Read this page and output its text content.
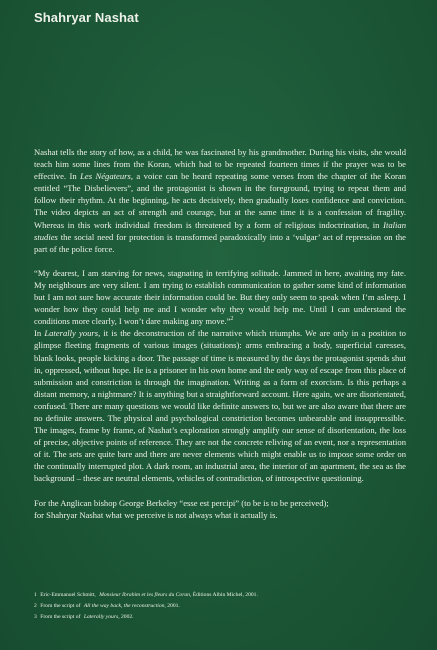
Shahryar Nashat

Nashat tells the story of how, as a child, he was fascinated by his grandmother. During his visits, she would teach him some lines from the Koran, which had to be repeated fourteen times if the prayer was to be effective. In Les Négateurs, a voice can be heard repeating some verses from the chapter of the Koran entitled “The Disbelievers”, and the protagonist is shown in the foreground, trying to repeat them and follow their rhythm. At the beginning, he acts decisively, then gradually loses confidence and conviction. The video depicts an act of strength and courage, but at the same time it is a confession of fragility. Whereas in this work individual freedom is threatened by a form of religious indoctrination, in Italian studies the social need for protection is transformed paradoxically into a ‘vulgar’ act of repression on the part of the police force.

“My dearest, I am starving for news, stagnating in terrifying solitude. Jammed in here, awaiting my fate. My neighbours are very silent. I am trying to establish communication to gather some kind of information but I am not sure how accurate their information could be. But they only seem to speak when I’m asleep. I wonder how they could help me and I wonder why they would help me. Until I can understand the conditions more clearly, I won’t dare making any move.”$^2$
In Laterally yours, it is the deconstruction of the narrative which triumphs. We are only in a position to glimpse fleeting fragments of various images (situations): arms embracing a body, superficial caresses, blank looks, people kicking a door. The passage of time is measured by the days the protagonist spends shut in, oppressed, without hope. He is a prisoner in his own home and the only way of escape from this place of submission and constriction is through the imagination. Writing as a form of exorcism. Is this perhaps a distant memory, a nightmare? It is anything but a straightforward account. Here again, we are disorientated, confused. There are many questions we would like definite answers to, but we are also aware that there are no definite answers. The physical and psychological constriction becomes unbearable and insuppressible. The images, frame by frame, of Nashat’s exploration strongly amplify our sense of disorientation, the loss of precise, objective points of reference. They are not the concrete reliving of an event, nor a representation of it. The sets are quite bare and there are never elements which might enable us to impose some order on the continually interrupted plot. A dark room, an industrial area, the interior of an apartment, the sea as the background – these are neutral elements, vehicles of contradiction, of introspective questioning.

For the Anglican bishop George Berkeley “esse est percipi” (to be is to be perceived);
for Shahryar Nashat what we perceive is not always what it actually is.

1 Eric-Emmanuel Schmitt, Monsieur Ibrahim et les fleurs du Coran, Éditions Albin Michel, 2001.
2 From the script of All the way back, the reconstruction, 2001.
3 From the script of Laterally yours, 2002.
